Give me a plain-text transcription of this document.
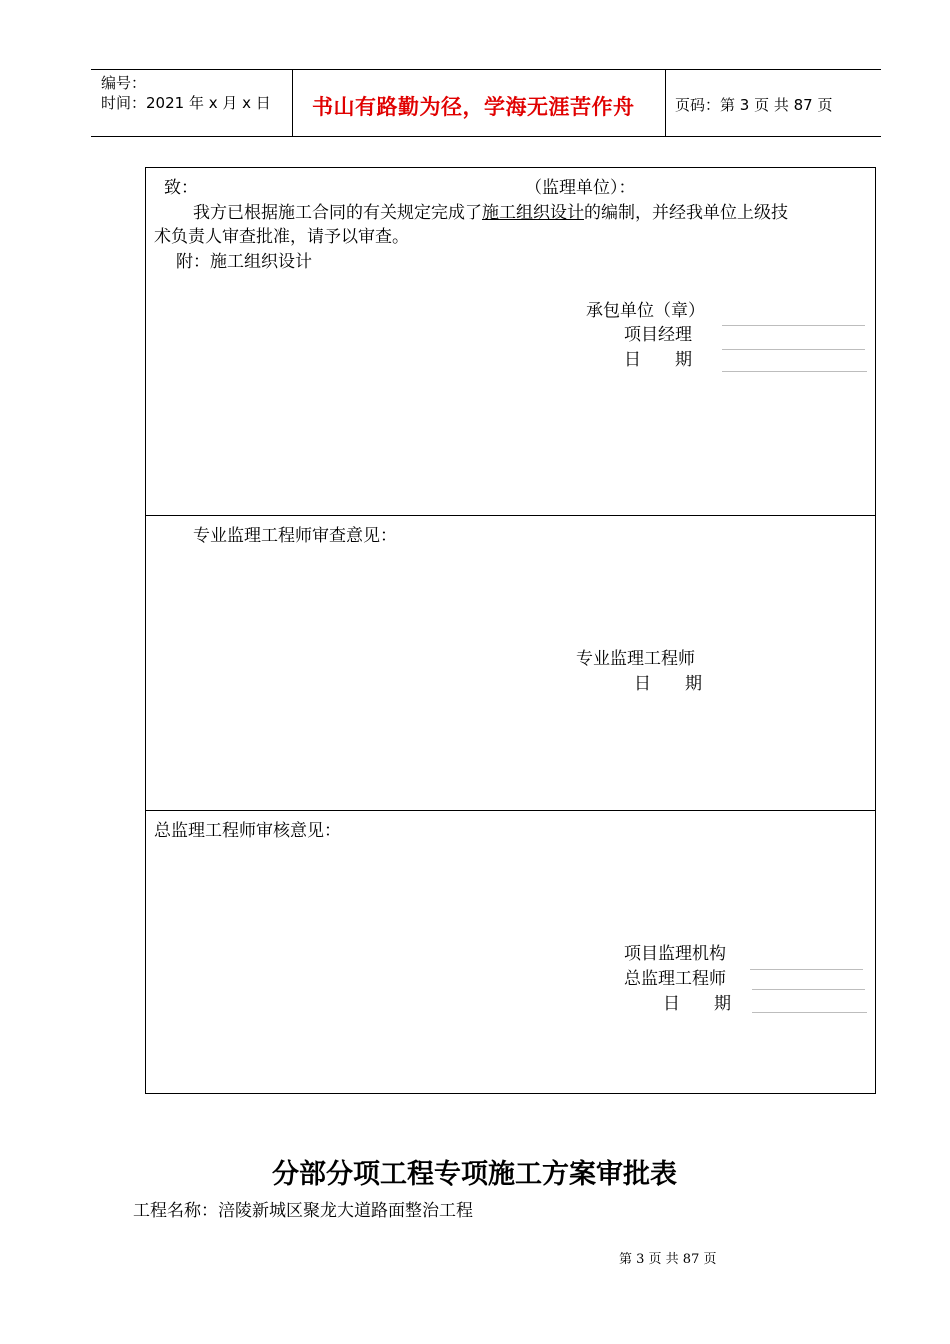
编号：
时间：2021 年 x 月 x 日 书山有路勤为径，学海无涯苦作舟	页码：第 3 页 共 87 页
致：	（监理单位）：
我方已根据施工合同的有关规定完成了施工组织设计的编制，并经我单位上级技
术负责人审查批准，请予以审查。
附：施工组织设计
承包单位（章）
项目经理
日　　期
专业监理工程师审查意见：
专业监理工程师
日　　期
总监理工程师审核意见：
项目监理机构
总监理工程师
日　　期
分部分项工程专项施工方案审批表
工程名称：涪陵新城区聚龙大道路面整治工程
第 3 页 共 87 页
